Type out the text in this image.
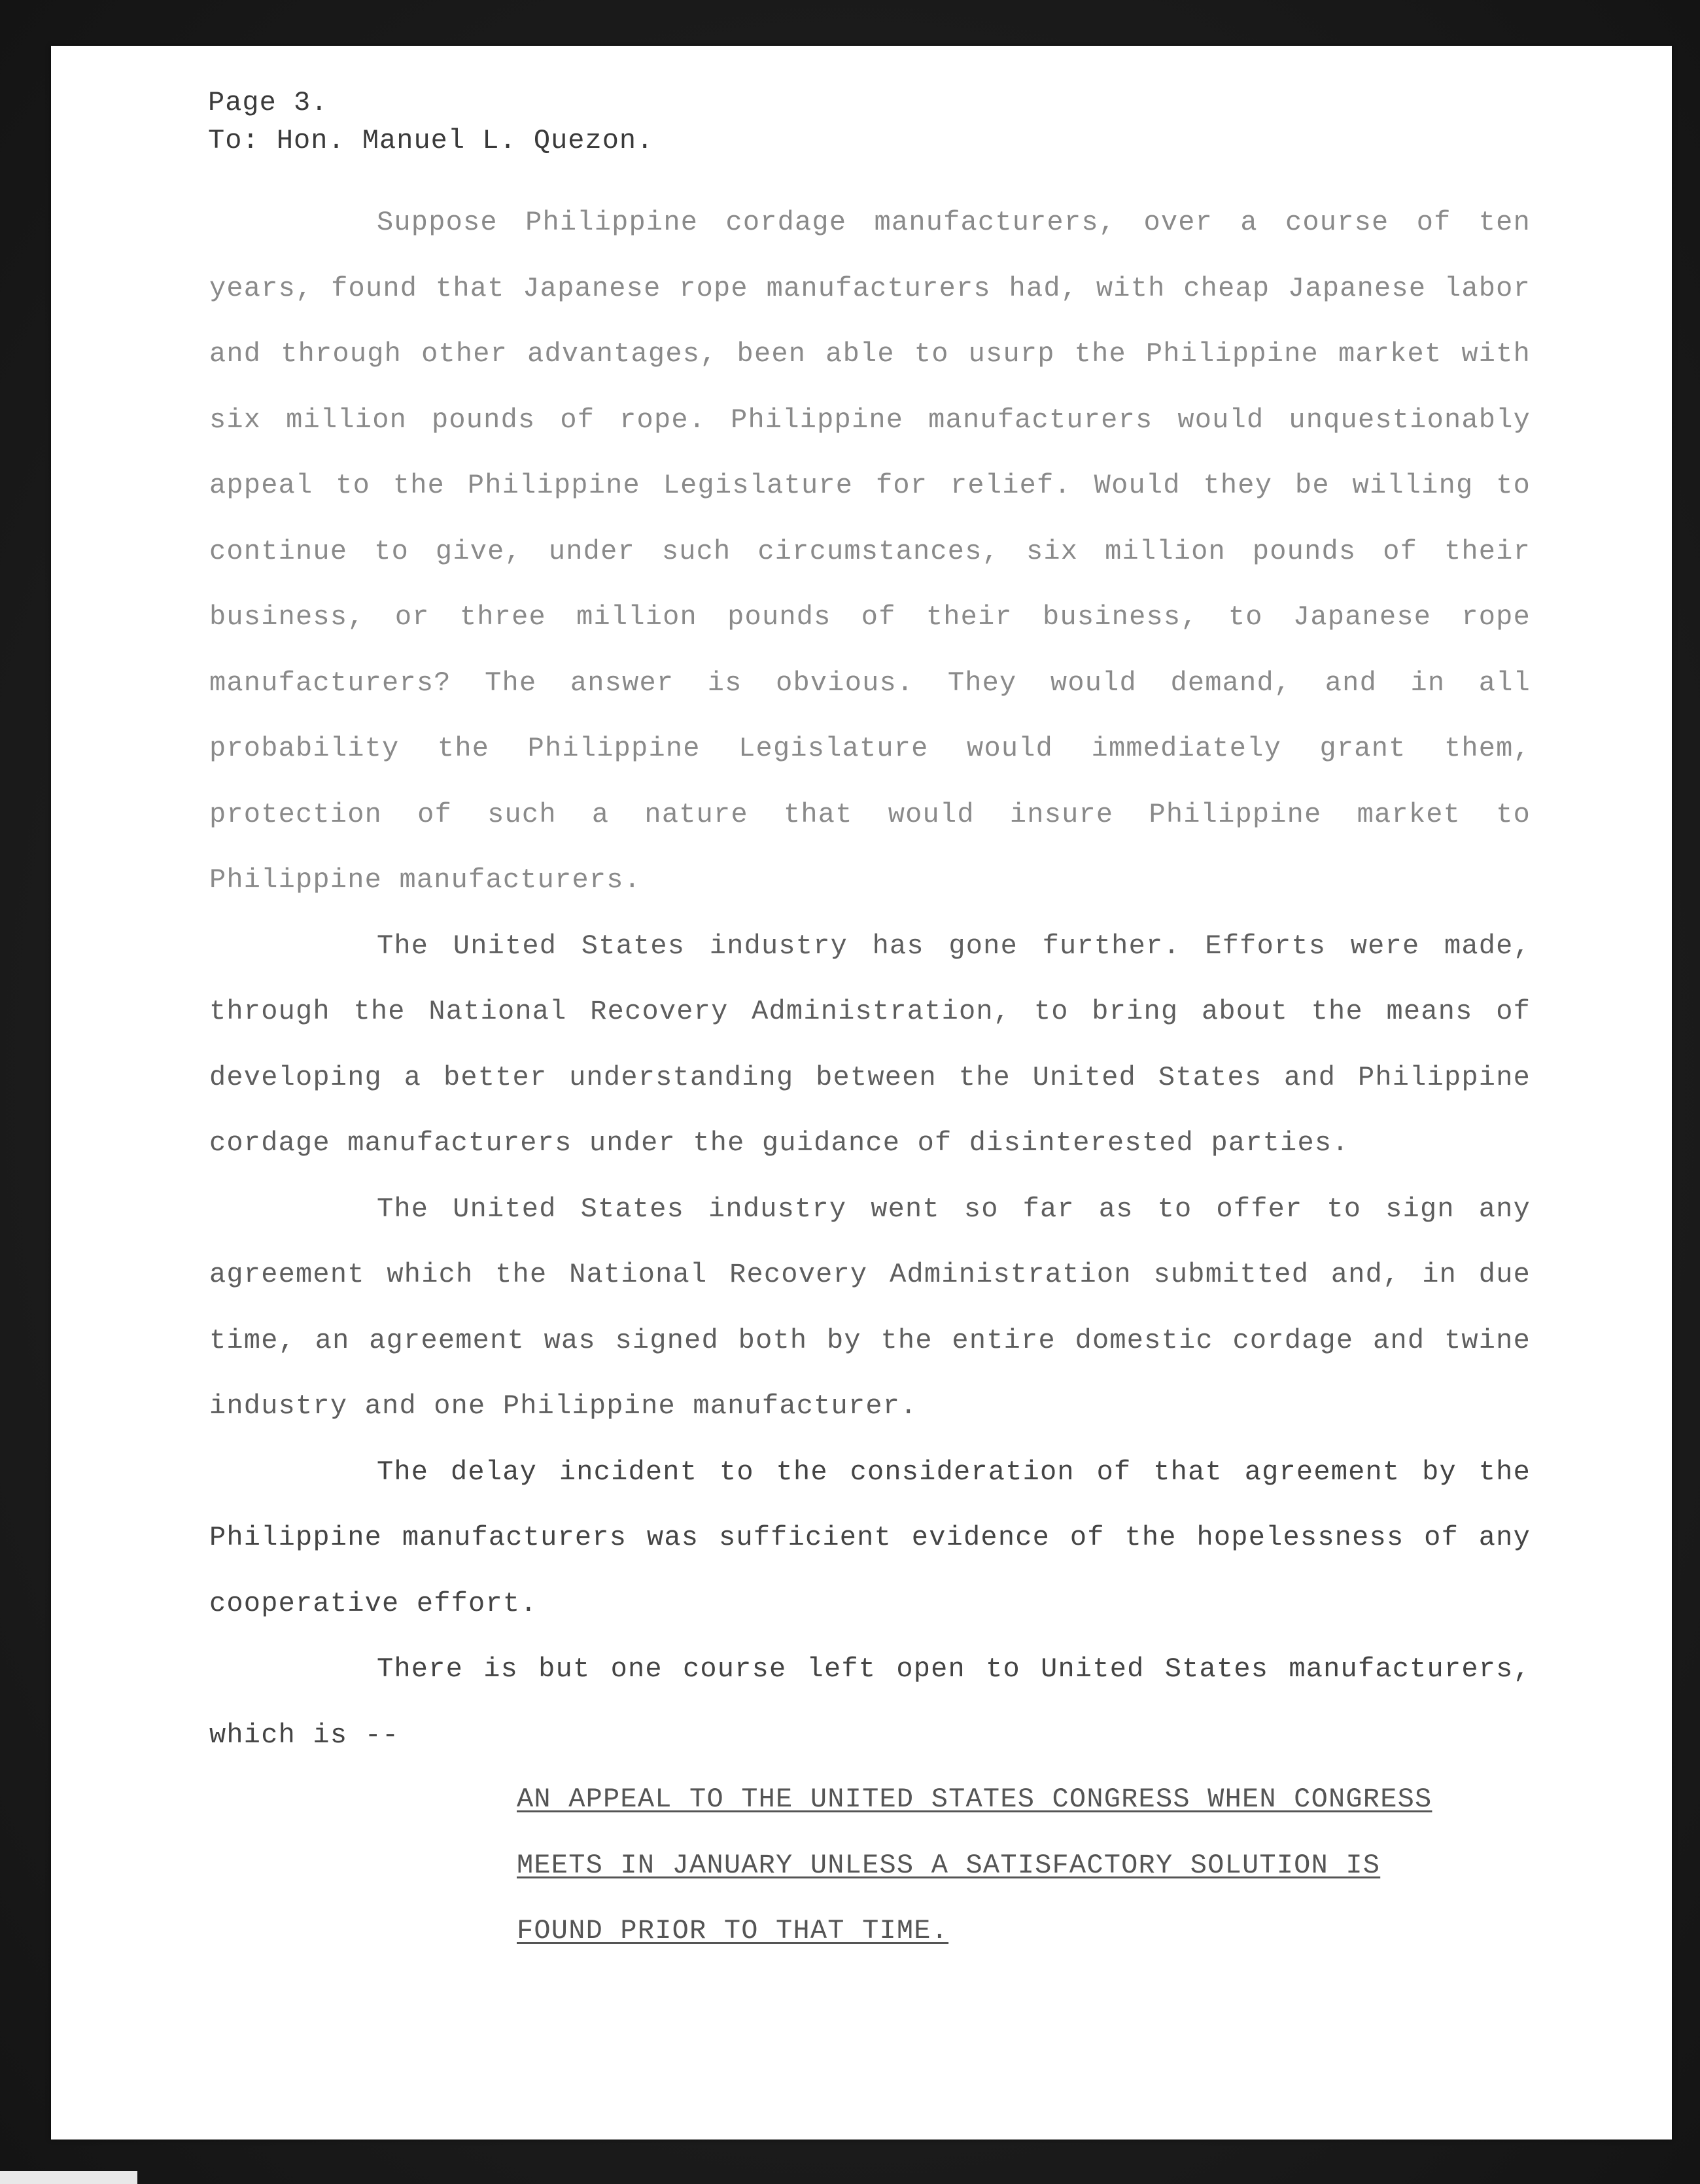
Page 3.
To: Hon. Manuel L. Quezon.

Suppose Philippine cordage manufacturers, over a course of ten years, found that Japanese rope manufacturers had, with cheap Japanese labor and through other advantages, been able to usurp the Philippine market with six million pounds of rope. Philippine manufacturers would unquestionably appeal to the Philippine Legislature for relief. Would they be willing to continue to give, under such circumstances, six million pounds of their business, or three million pounds of their business, to Japanese rope manufacturers? The answer is obvious. They would demand, and in all probability the Philippine Legislature would immediately grant them, protection of such a nature that would insure Philippine market to Philippine manufacturers.

The United States industry has gone further. Efforts were made, through the National Recovery Administration, to bring about the means of developing a better understanding between the United States and Philippine cordage manufacturers under the guidance of disinterested parties.

The United States industry went so far as to offer to sign any agreement which the National Recovery Administration submitted and, in due time, an agreement was signed both by the entire domestic cordage and twine industry and one Philippine manufacturer.

The delay incident to the consideration of that agreement by the Philippine manufacturers was sufficient evidence of the hopelessness of any cooperative effort.

There is but one course left open to United States manufacturers, which is --

AN APPEAL TO THE UNITED STATES CONGRESS WHEN CONGRESS MEETS IN JANUARY UNLESS A SATISFACTORY SOLUTION IS FOUND PRIOR TO THAT TIME.
